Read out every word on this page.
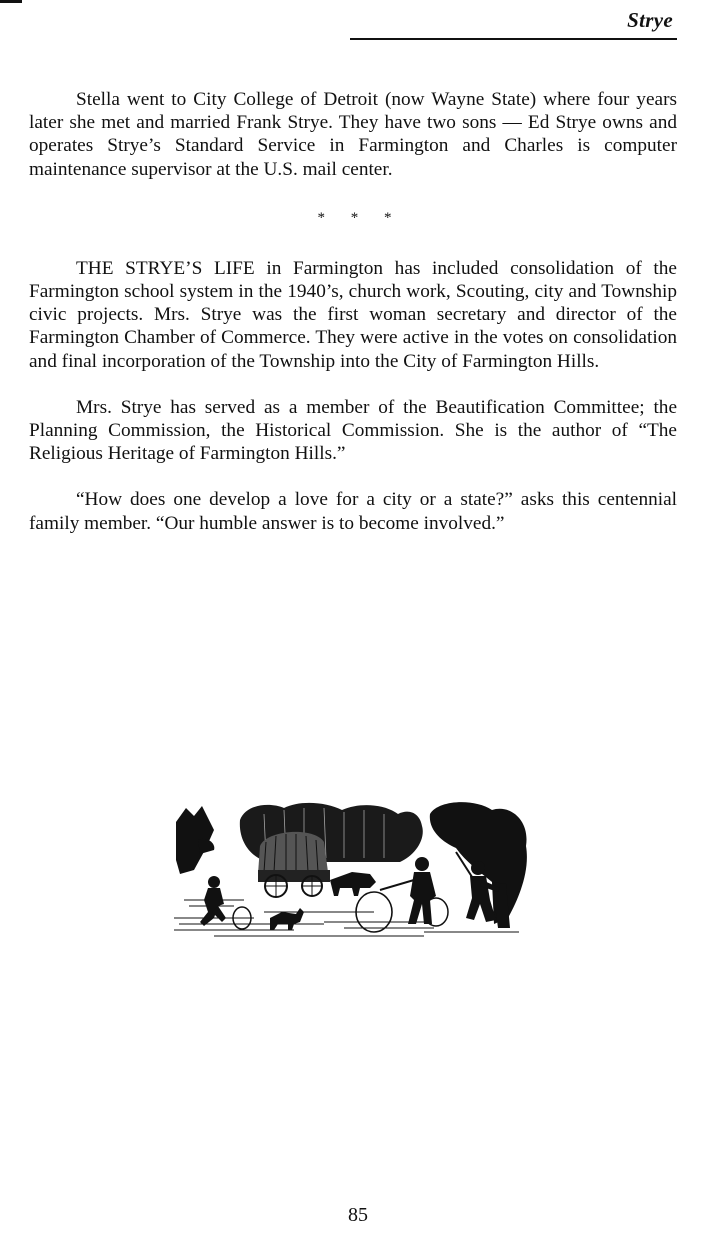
Strye

Stella went to City College of Detroit (now Wayne State) where four years later she met and married Frank Strye. They have two sons — Ed Strye owns and operates Strye’s Standard Service in Farmington and Charles is computer maintenance supervisor at the U.S. mail center.

* * *

THE STRYE’S LIFE in Farmington has included consolidation of the Farmington school system in the 1940’s, church work, Scouting, city and Township civic projects. Mrs. Strye was the first woman secretary and director of the Farmington Chamber of Commerce. They were active in the votes on consolidation and final incorporation of the Township into the City of Farmington Hills.

Mrs. Strye has served as a member of the Beautification Committee; the Planning Commission, the Historical Commission. She is the author of “The Religious Heritage of Farmington Hills.”

“How does one develop a love for a city or a state?” asks this centennial family member. “Our humble answer is to become involved.”

85
